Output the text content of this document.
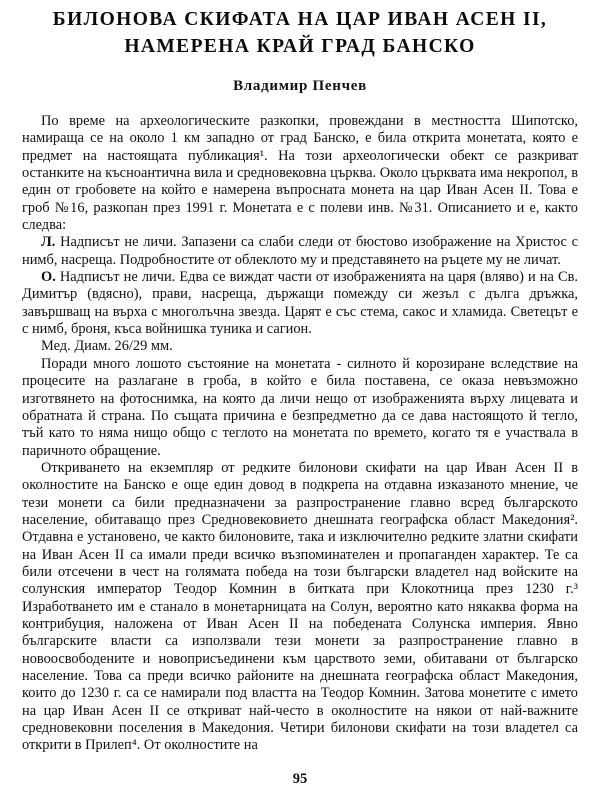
БИЛОНОВА СКИФАТА НА ЦАР ИВАН АСЕН II,
НАМЕРЕНА КРАЙ ГРАД БАНСКО
Владимир Пенчев

По време на археологическите разкопки, провеждани в местността Шипотско, намираща се на около 1 км западно от град Банско, е била открита монетата, която е предмет на настоящата публикация¹. На този археологически обект се разкриват останките на късноантична вила и средновековна църква. Около църквата има некропол, в един от гробовете на който е намерена въпросната монета на цар Иван Асен II. Това е гроб №16, разкопан през 1991 г. Монетата е с полеви инв. №31. Описанието и е, както следва:

Л. Надписът не личи. Запазени са слаби следи от бюстово изображение на Христос с нимб, насреща. Подробностите от облеклото му и представянето на ръцете му не личат.

О. Надписът не личи. Едва се виждат части от изображенията на царя (вляво) и на Св. Димитър (вдясно), прави, насреща, държащи помежду си жезъл с дълга дръжка, завършващ на върха с многолъчна звезда. Царят е със стема, сакос и хламида. Светецът е с нимб, броня, къса войнишка туника и сагион.

Мед. Диам. 26/29 мм.

Поради много лошото състояние на монетата - силното й корозиране вследствие на процесите на разлагане в гроба, в който е била поставена, се оказа невъзможно изготвянето на фотоснимка, на която да личи нещо от изображенията върху лицевата и обратната й страна. По същата причина е безпредметно да се дава настоящото й тегло, тъй като то няма нищо общо с теглото на монетата по времето, когато тя е участвала в паричното обращение.

Откриването на екземпляр от редките билонови скифати на цар Иван Асен II в околностите на Банско е още един довод в подкрепа на отдавна изказаното мнение, че тези монети са били предназначени за разпространение главно всред българското население, обитаващо през Средновековието днешната географска област Македония². Отдавна е установено, че както билоновите, така и изключително редките златни скифати на Иван Асен II са имали преди всичко възпоминателен и пропаганден характер. Те са били отсечени в чест на голямата победа на този български владетел над войските на солунския император Теодор Комнин в битката при Клокотница през 1230 г.³ Изработването им е станало в монетарницата на Солун, вероятно като някаква форма на контрибуция, наложена от Иван Асен II на победената Солунска империя. Явно българските власти са използвали тези монети за разпространение главно в новоосвободените и новоприсъединени към царството земи, обитавани от българско население. Това са преди всичко районите на днешната географска област Македония, които до 1230 г. са се намирали под властта на Теодор Комнин. Затова монетите с името на цар Иван Асен II се откриват най-често в околностите на някои от най-важните средновековни поселения в Македония. Четири билонови скифати на този владетел са открити в Прилеп⁴. От околностите на

95
